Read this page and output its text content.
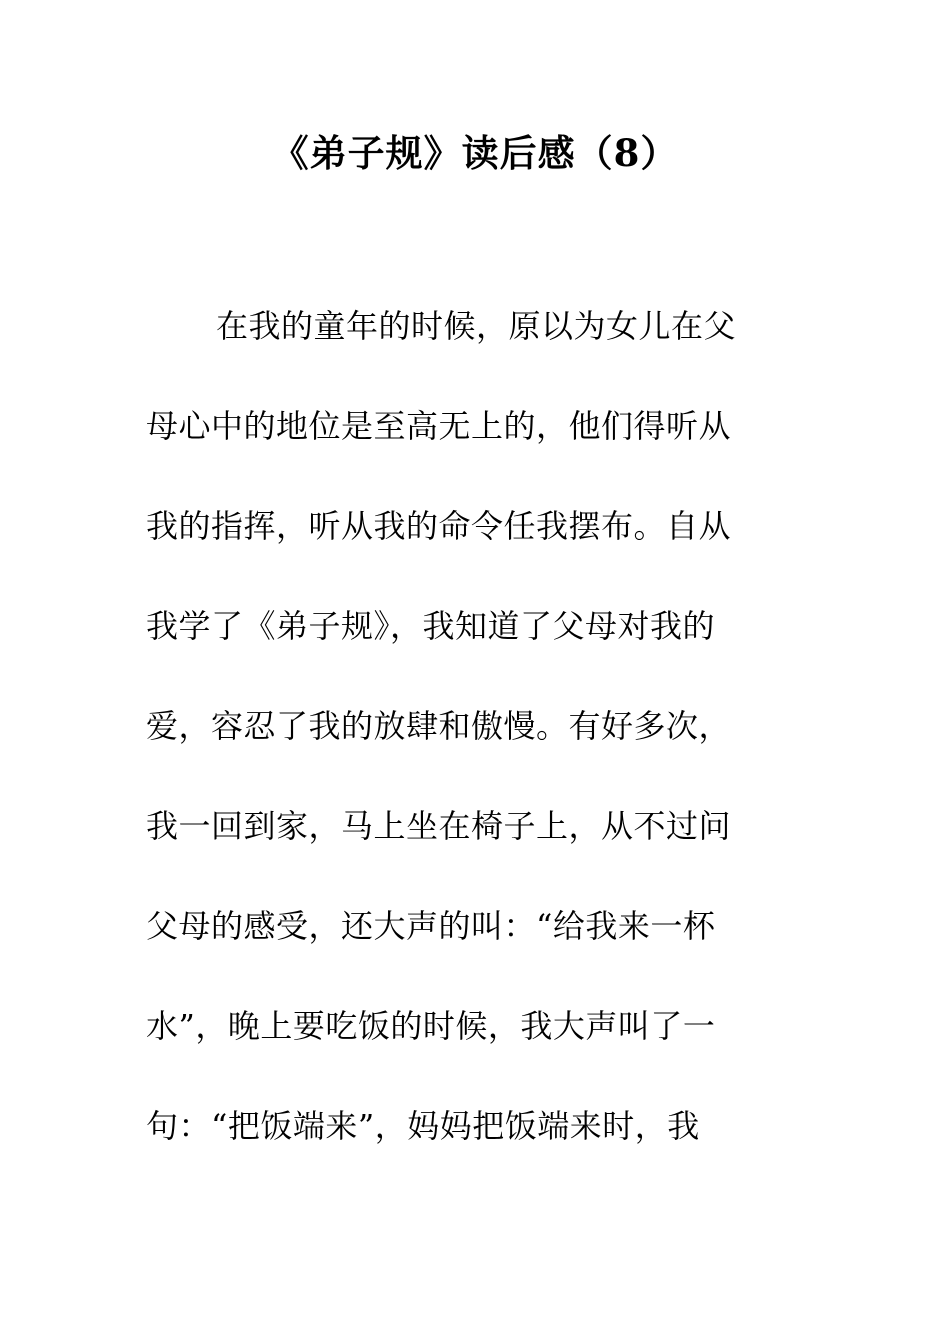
《弟子规》读后感（8）
在我的童年的时候，原以为女儿在父
母心中的地位是至高无上的，他们得听从
我的指挥，听从我的命令任我摆布。自从
我学了《弟子规》，我知道了父母对我的
爱，容忍了我的放肆和傲慢。有好多次，
我一回到家，马上坐在椅子上，从不过问
父母的感受，还大声的叫：“给我来一杯
水”，晚上要吃饭的时候，我大声叫了一
句：“把饭端来”，妈妈把饭端来时，我
